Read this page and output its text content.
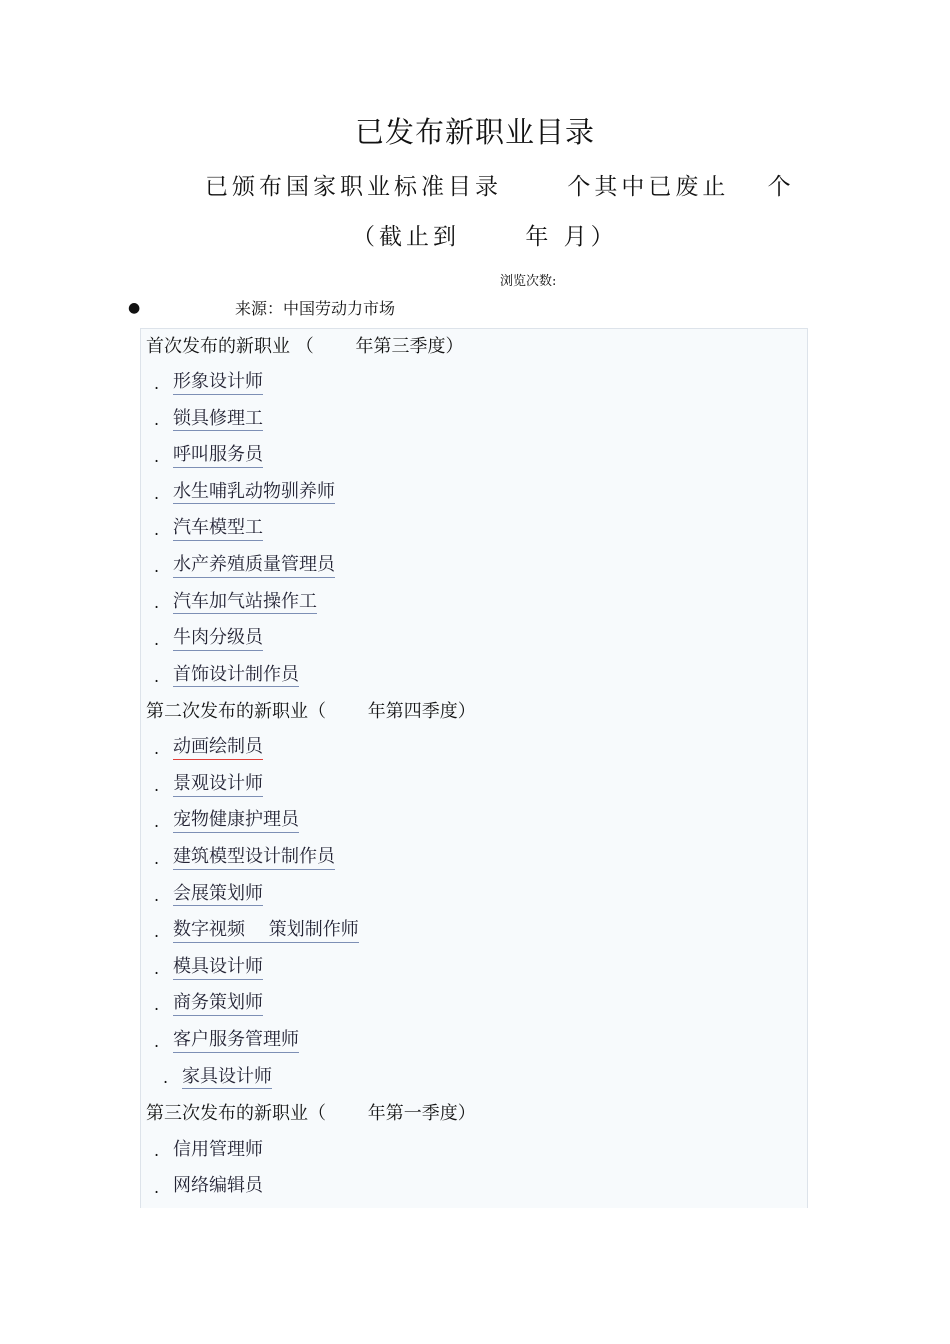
已发布新职业目录
已颁布国家职业标准目录　　	个其中已废止　 个
（截止到　　	年 月）
浏览次数:
●	来源：中国劳动力市场
首次发布的新职业 （　　 年第三季度）
. 形象设计师
. 锁具修理工
. 呼叫服务员
. 水生哺乳动物驯养师
. 汽车模型工
. 水产养殖质量管理员
. 汽车加气站操作工
. 牛肉分级员
. 首饰设计制作员
第二次发布的新职业（　　 年第四季度）
. 动画绘制员
. 景观设计师
. 宠物健康护理员
. 建筑模型设计制作员
. 会展策划师
. 数字视频　 策划制作师
. 模具设计师
. 商务策划师
. 客户服务管理师
. 家具设计师
第三次发布的新职业（　　 年第一季度）
. 信用管理师
. 网络编辑员
